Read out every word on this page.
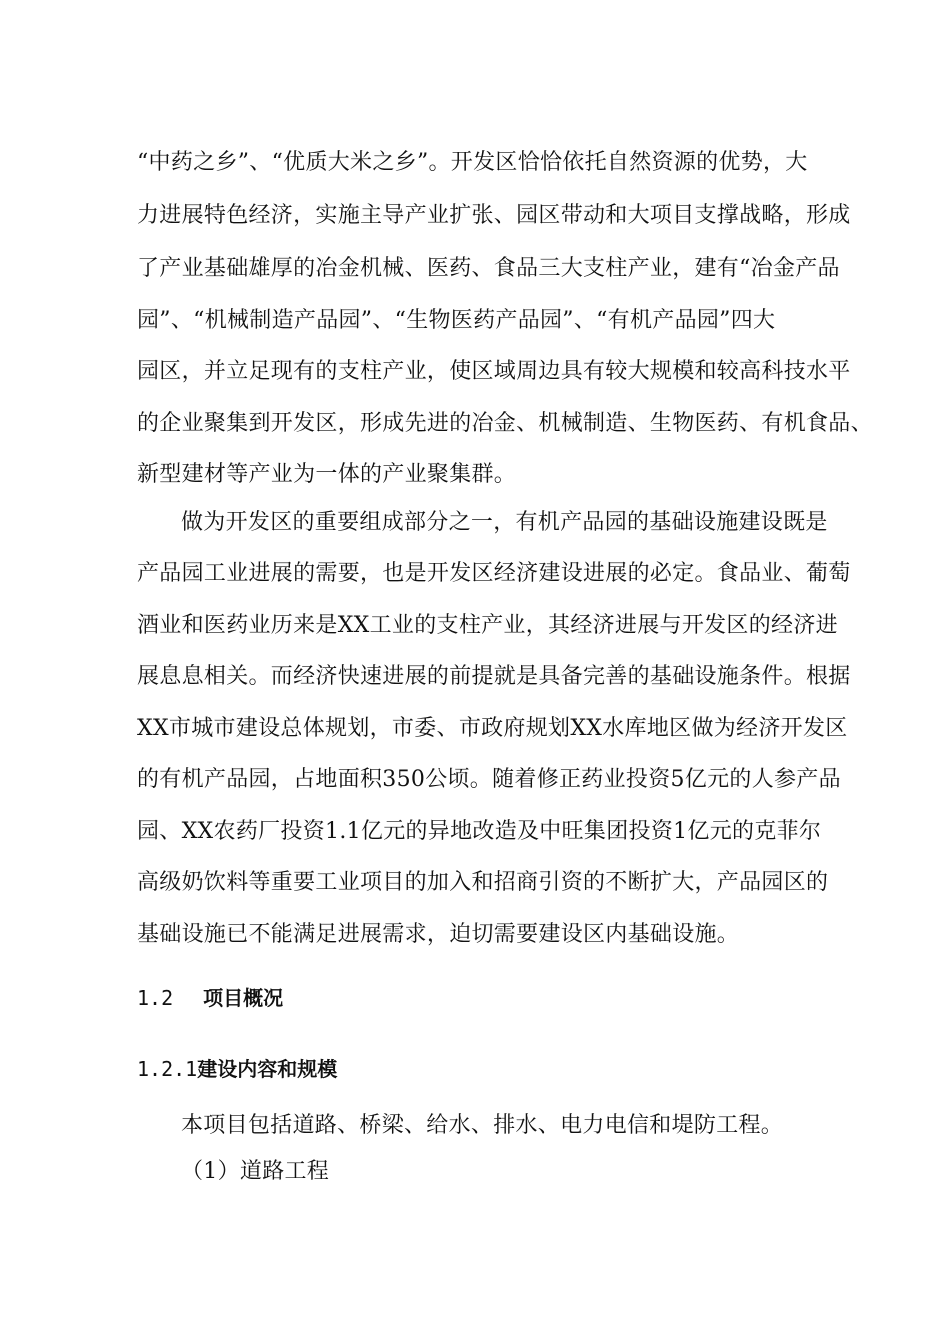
“中药之乡”、“优质大米之乡”。开发区恰恰依托自然资源的优势，大
力进展特色经济，实施主导产业扩张、园区带动和大项目支撑战略，形成
了产业基础雄厚的冶金机械、医药、食品三大支柱产业，建有“冶金产品
园”、“机械制造产品园”、“生物医药产品园”、“有机产品园”四大
园区，并立足现有的支柱产业，使区域周边具有较大规模和较高科技水平
的企业聚集到开发区，形成先进的冶金、机械制造、生物医药、有机食品、
新型建材等产业为一体的产业聚集群。
做为开发区的重要组成部分之一，有机产品园的基础设施建设既是
产品园工业进展的需要，也是开发区经济建设进展的必定。食品业、葡萄
酒业和医药业历来是XX工业的支柱产业，其经济进展与开发区的经济进
展息息相关。而经济快速进展的前提就是具备完善的基础设施条件。根据
XX市城市建设总体规划，市委、市政府规划XX水库地区做为经济开发区
的有机产品园，占地面积350公顷。随着修正药业投资5亿元的人参产品
园、XX农药厂投资1.1亿元的异地改造及中旺集团投资1亿元的克菲尔
高级奶饮料等重要工业项目的加入和招商引资的不断扩大，产品园区的
基础设施已不能满足进展需求，迫切需要建设区内基础设施。
1.2 项目概况
1.2.1建设内容和规模
本项目包括道路、桥梁、给水、排水、电力电信和堤防工程。
（1）道路工程
